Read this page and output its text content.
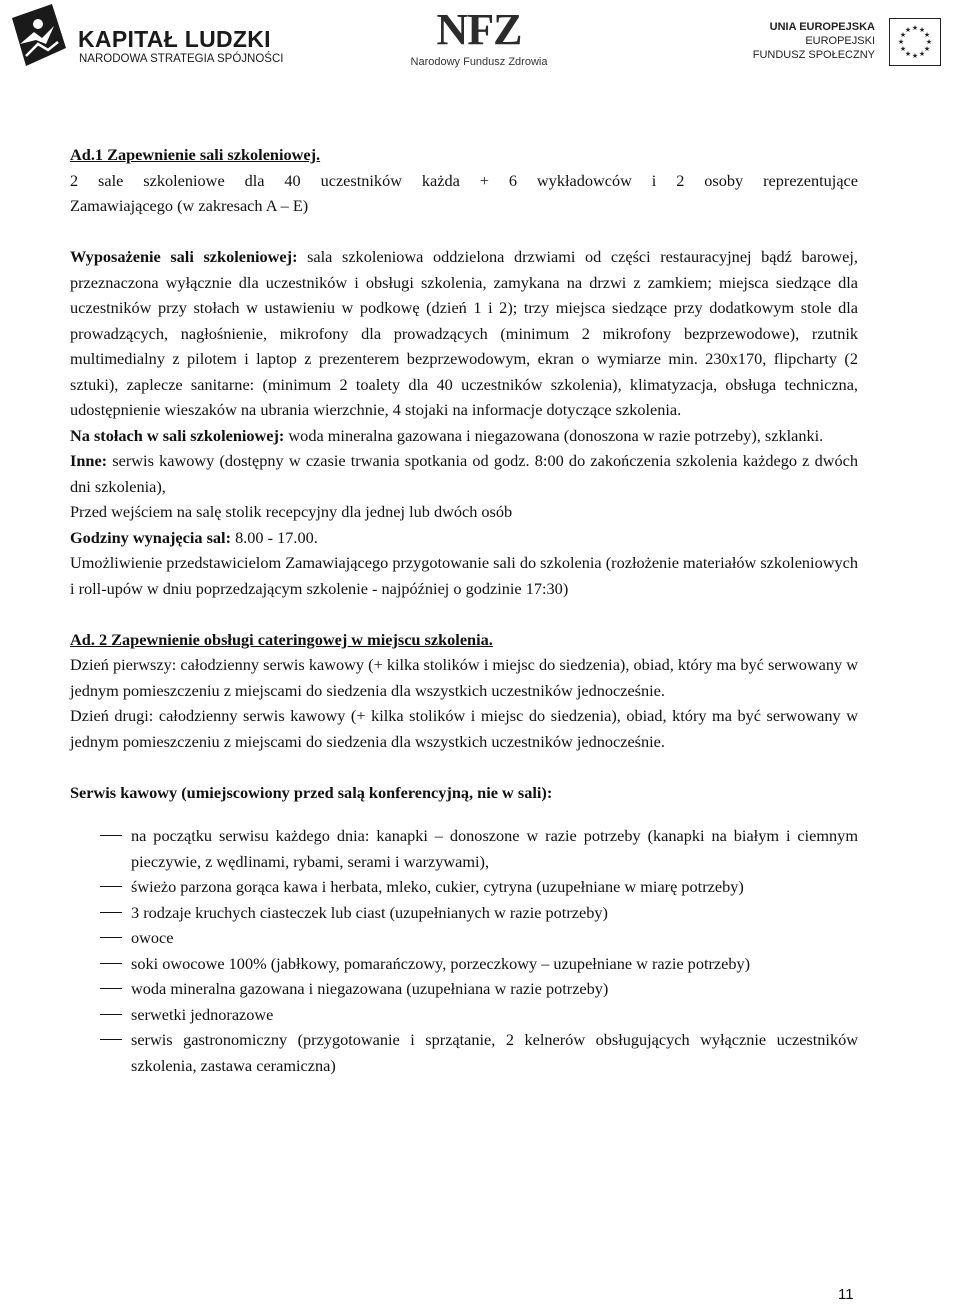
KAPITAŁ LUDZKI
NARODOWA STRATEGIA SPÓJNOŚCI
NFZ
Narodowy Fundusz Zdrowia
UNIA EUROPEJSKA
EUROPEJSKI
FUNDUSZ SPOŁECZNY
★ ★
★
★
★
★
★
★
★
★
★
★

Ad.1 Zapewnienie sali szkoleniowej.

2 sale szkoleniowe dla 40 uczestników każda + 6 wykładowców i 2 osoby reprezentujące

Zamawiającego (w zakresach A – E)

Wyposażenie sali szkoleniowej: sala szkoleniowa oddzielona drzwiami od części restauracyjnej bądź barowej, przeznaczona wyłącznie dla uczestników i obsługi szkolenia, zamykana na drzwi z zamkiem; miejsca siedzące dla uczestników przy stołach w ustawieniu w podkowę (dzień 1 i 2); trzy miejsca siedzące przy dodatkowym stole dla prowadzących, nagłośnienie, mikrofony dla prowadzących (minimum 2 mikrofony bezprzewodowe), rzutnik multimedialny z pilotem i laptop z prezenterem bezprzewodowym, ekran o wymiarze min. 230x170, flipcharty (2 sztuki), zaplecze sanitarne: (minimum 2 toalety dla 40 uczestników szkolenia), klimatyzacja, obsługa techniczna, udostępnienie wieszaków na ubrania wierzchnie, 4 stojaki na informacje dotyczące szkolenia.

Na stołach w sali szkoleniowej: woda mineralna gazowana i niegazowana (donoszona w razie potrzeby), szklanki.

Inne: serwis kawowy (dostępny w czasie trwania spotkania od godz. 8:00 do zakończenia szkolenia każdego z dwóch dni szkolenia),

Przed wejściem na salę stolik recepcyjny dla jednej lub dwóch osób

Godziny wynajęcia sal: 8.00 - 17.00.

Umożliwienie przedstawicielom Zamawiającego przygotowanie sali do szkolenia (rozłożenie materiałów szkoleniowych i roll-upów w dniu poprzedzającym szkolenie - najpóźniej o godzinie 17:30)

Ad. 2 Zapewnienie obsługi cateringowej w miejscu szkolenia.

Dzień pierwszy: całodzienny serwis kawowy (+ kilka stolików i miejsc do siedzenia), obiad, który ma być serwowany w jednym pomieszczeniu z miejscami do siedzenia dla wszystkich uczestników jednocześnie.

Dzień drugi: całodzienny serwis kawowy (+ kilka stolików i miejsc do siedzenia), obiad, który ma być serwowany w jednym pomieszczeniu z miejscami do siedzenia dla wszystkich uczestników jednocześnie.

Serwis kawowy (umiejscowiony przed salą konferencyjną, nie w sali):

na początku serwisu każdego dnia: kanapki – donoszone w razie potrzeby (kanapki na białym i ciemnym pieczywie, z wędlinami, rybami, serami i warzywami),
świeżo parzona gorąca kawa i herbata, mleko, cukier, cytryna (uzupełniane w miarę potrzeby)
3 rodzaje kruchych ciasteczek lub ciast (uzupełnianych w razie potrzeby)
owoce
soki owocowe 100% (jabłkowy, pomarańczowy, porzeczkowy – uzupełniane w razie potrzeby)
woda mineralna gazowana i niegazowana (uzupełniana w razie potrzeby)
serwetki jednorazowe
serwis gastronomiczny (przygotowanie i sprzątanie, 2 kelnerów obsługujących wyłącznie uczestników szkolenia, zastawa ceramiczna)
11
